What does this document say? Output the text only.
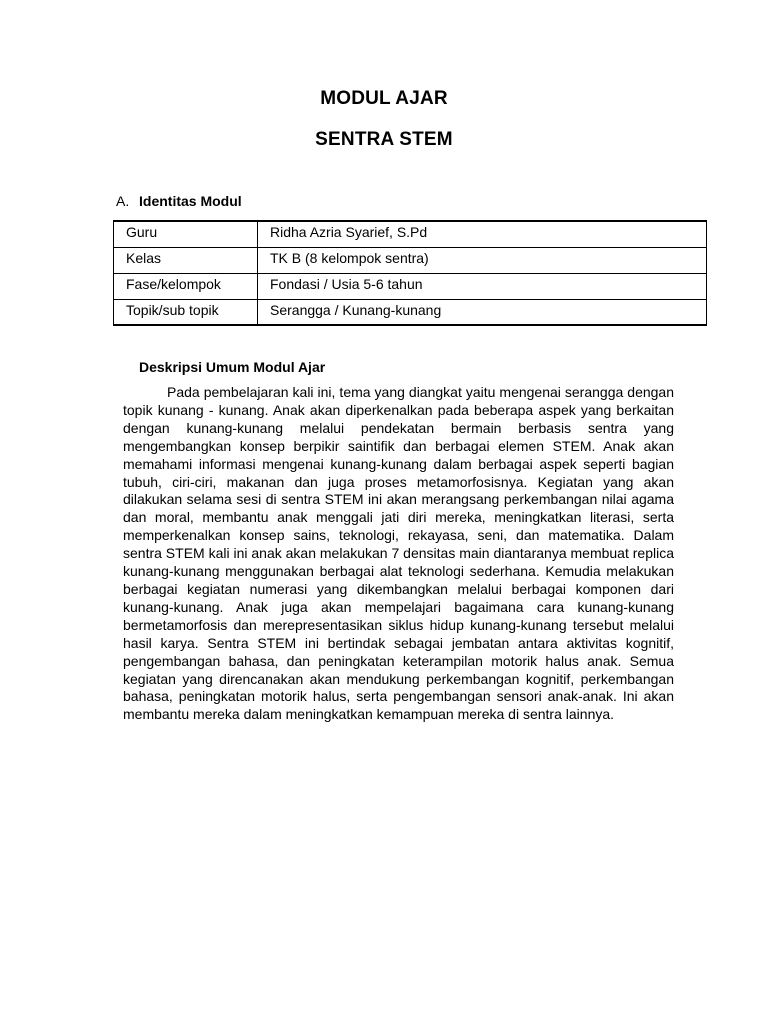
MODUL AJAR
SENTRA STEM
A. Identitas Modul
Guru	Ridha Azria Syarief, S.Pd
Kelas	TK B (8 kelompok sentra)
Fase/kelompok	Fondasi / Usia 5-6 tahun
Topik/sub topik	Serangga / Kunang-kunang
Deskripsi Umum Modul Ajar

Pada pembelajaran kali ini, tema yang diangkat yaitu mengenai serangga dengan topik kunang - kunang. Anak akan diperkenalkan pada beberapa aspek yang berkaitan dengan kunang-kunang melalui pendekatan bermain berbasis sentra yang mengembangkan konsep berpikir saintifik dan berbagai elemen STEM. Anak akan memahami informasi mengenai kunang-kunang dalam berbagai aspek seperti bagian tubuh, ciri-ciri, makanan dan juga proses metamorfosisnya. Kegiatan yang akan dilakukan selama sesi di sentra STEM ini akan merangsang perkembangan nilai agama dan moral, membantu anak menggali jati diri mereka, meningkatkan literasi, serta memperkenalkan konsep sains, teknologi, rekayasa, seni, dan matematika. Dalam sentra STEM kali ini anak akan melakukan 7 densitas main diantaranya membuat replica kunang-kunang menggunakan berbagai alat teknologi sederhana. Kemudia melakukan berbagai kegiatan numerasi yang dikembangkan melalui berbagai komponen dari kunang-kunang. Anak juga akan mempelajari bagaimana cara kunang-kunang bermetamorfosis dan merepresentasikan siklus hidup kunang-kunang tersebut melalui hasil karya. Sentra STEM ini bertindak sebagai jembatan antara aktivitas kognitif, pengembangan bahasa, dan peningkatan keterampilan motorik halus anak. Semua kegiatan yang direncanakan akan mendukung perkembangan kognitif, perkembangan bahasa, peningkatan motorik halus, serta pengembangan sensori anak-anak. Ini akan membantu mereka dalam meningkatkan kemampuan mereka di sentra lainnya.
